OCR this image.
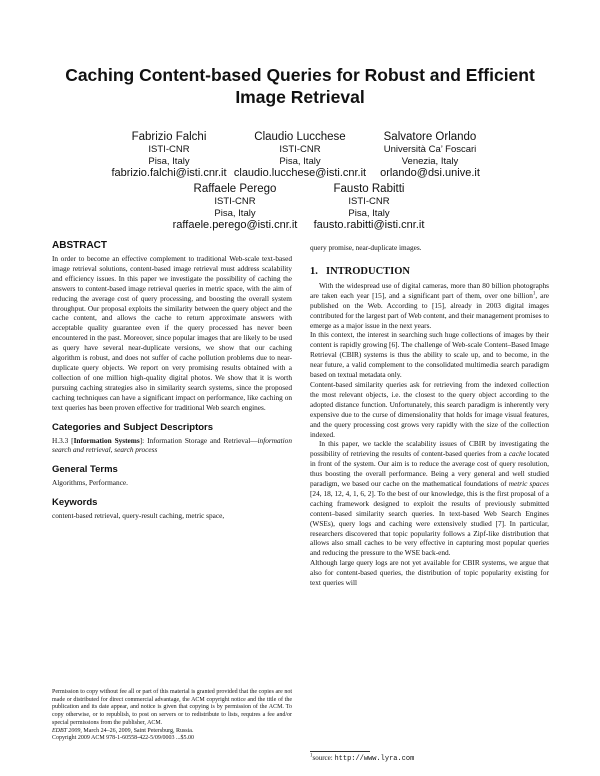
Caching Content-based Queries for Robust and Efficient
Image Retrieval
Fabrizio Falchi
ISTI-CNR
Pisa, Italy
fabrizio.falchi@isti.cnr.it
Claudio Lucchese
ISTI-CNR
Pisa, Italy
claudio.lucchese@isti.cnr.it
Salvatore Orlando
Università Ca’ Foscari
Venezia, Italy
orlando@dsi.unive.it
Raffaele Perego
ISTI-CNR
Pisa, Italy
raffaele.perego@isti.cnr.it
Fausto Rabitti
ISTI-CNR
Pisa, Italy
fausto.rabitti@isti.cnr.it
ABSTRACT

In order to become an effective complement to traditional Web-scale text-based image retrieval solutions, content-based image retrieval must address scalability and efficiency issues. In this paper we investigate the possibility of caching the answers to content-based image retrieval queries in metric space, with the aim of reducing the average cost of query processing, and boosting the overall system throughput. Our proposal exploits the similarity between the query object and the cache content, and allows the cache to return approximate answers with acceptable quality guarantee even if the query processed has never been encountered in the past. Moreover, since popular images that are likely to be used as query have several near-duplicate versions, we show that our caching algorithm is robust, and does not suffer of cache pollution problems due to near-duplicate query objects. We report on very promising results obtained with a collection of one million high-quality digital photos. We show that it is worth pursuing caching strategies also in similarity search systems, since the proposed caching techniques can have a significant impact on performance, like caching on text queries has been proven effective for traditional Web search engines.

Categories and Subject Descriptors

H.3.3 [Information Systems]: Information Storage and Retrieval—information search and retrieval, search process

General Terms

Algorithms, Performance.

Keywords

content-based retrieval, query-result caching, metric space,

Permission to copy without fee all or part of this material is granted provided that the copies are not made or distributed for direct commercial advantage, the ACM copyright notice and the title of the publication and its date appear, and notice is given that copying is by permission of the ACM. To copy otherwise, or to republish, to post on servers or to redistribute to lists, requires a fee and/or special permissions from the publisher, ACM.

EDBT 2009, March 24–26, 2009, Saint Petersburg, Russia.

Copyright 2009 ACM 978-1-60558-422-5/09/0003 ...$5.00

query promise, near-duplicate images.

1. INTRODUCTION

With the widespread use of digital cameras, more than 80 billion photographs are taken each year [15], and a significant part of them, over one billion$^1$, are published on the Web. According to [15], already in 2003 digital images contributed for the largest part of Web content, and their management promises to emerge as a major issue in the next years.

In this context, the interest in searching such huge collections of images by their content is rapidly growing [6]. The challenge of Web-scale Content–Based Image Retrieval (CBIR) systems is thus the ability to scale up, and to become, in the near future, a valid complement to the consolidated multimedia search paradigm based on textual metadata only.

Content-based similarity queries ask for retrieving from the indexed collection the most relevant objects, i.e. the closest to the query object according to the adopted distance function. Unfortunately, this search paradigm is inherently very expensive due to the curse of dimensionality that holds for image visual features, and the query processing cost grows very rapidly with the size of the collection indexed.

In this paper, we tackle the scalability issues of CBIR by investigating the possibility of retrieving the results of content-based queries from a cache located in front of the system. Our aim is to reduce the average cost of query resolution, thus boosting the overall performance. Being a very general and well studied paradigm, we based our cache on the mathematical foundations of metric spaces [24, 18, 12, 4, 1, 6, 2]. To the best of our knowledge, this is the first proposal of a caching framework designed to exploit the results of previously submitted content–based similarity search queries. In text-based Web Search Engines (WSEs), query logs and caching were extensively studied [7]. In particular, researchers discovered that topic popularity follows a Zipf-like distribution that allows also small caches to be very effective in capturing most popular queries and reducing the pressure to the WSE back-end.

Although large query logs are not yet available for CBIR systems, we argue that also for content-based queries, the distribution of topic popularity existing for text queries will

$^1$source: http://www.lyra.com
